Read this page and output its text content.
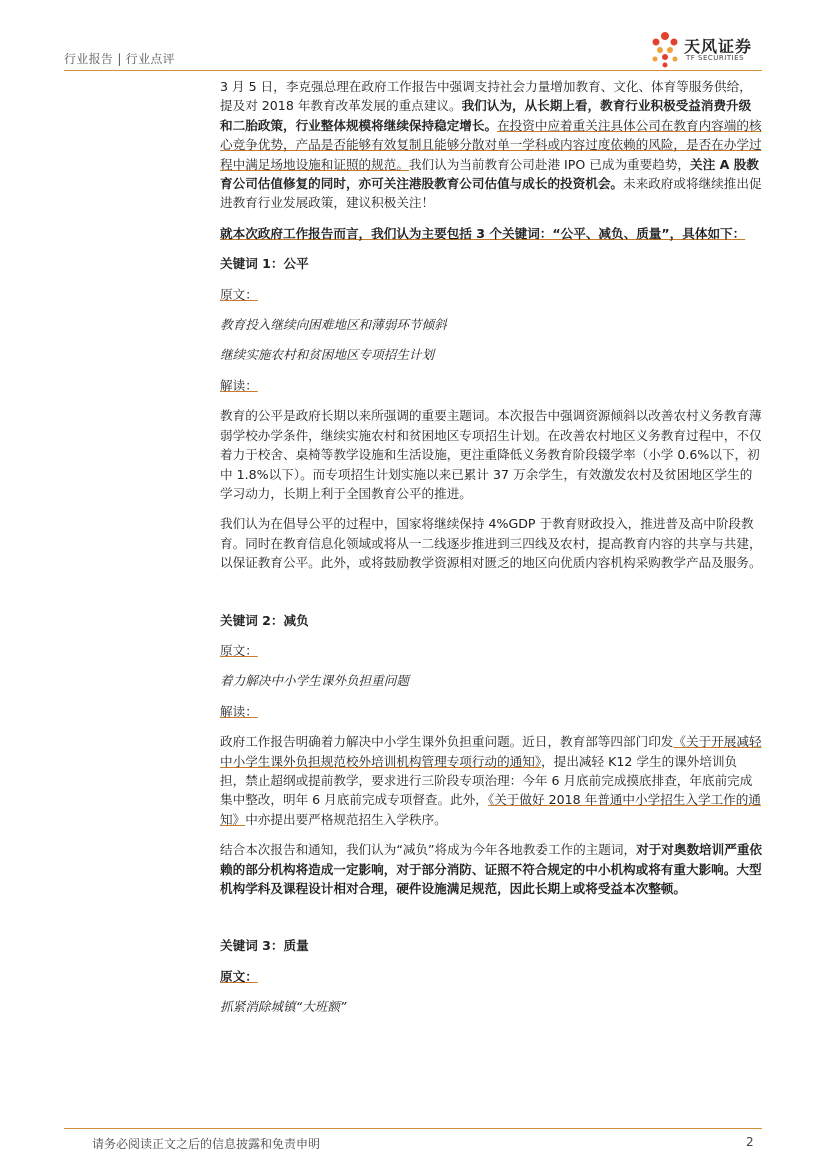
行业报告 | 行业点评
天风证券
TF SECURITIES

3 月 5 日，李克强总理在政府工作报告中强调支持社会力量增加教育、文化、体育等服务供给，提及对 2018 年教育改革发展的重点建议。我们认为，从长期上看，教育行业积极受益消费升级和二胎政策，行业整体规模将继续保持稳定增长。在投资中应着重关注具体公司在教育内容端的核心竞争优势，产品是否能够有效复制且能够分散对单一学科或内容过度依赖的风险，是否在办学过程中满足场地设施和证照的规范。我们认为当前教育公司赴港 IPO 已成为重要趋势，关注 A 股教育公司估值修复的同时，亦可关注港股教育公司估值与成长的投资机会。未来政府或将继续推出促进教育行业发展政策，建议积极关注！

就本次政府工作报告而言，我们认为主要包括 3 个关键词：“公平、减负、质量”，具体如下：

关键词 1：公平

原文：

教育投入继续向困难地区和薄弱环节倾斜

继续实施农村和贫困地区专项招生计划

解读：

教育的公平是政府长期以来所强调的重要主题词。本次报告中强调资源倾斜以改善农村义务教育薄弱学校办学条件，继续实施农村和贫困地区专项招生计划。在改善农村地区义务教育过程中，不仅着力于校舍、桌椅等教学设施和生活设施，更注重降低义务教育阶段辍学率（小学 0.6%以下，初中 1.8%以下）。而专项招生计划实施以来已累计 37 万余学生，有效激发农村及贫困地区学生的学习动力，长期上利于全国教育公平的推进。

我们认为在倡导公平的过程中，国家将继续保持 4%GDP 于教育财政投入，推进普及高中阶段教育。同时在教育信息化领域或将从一二线逐步推进到三四线及农村，提高教育内容的共享与共建，以保证教育公平。此外，或将鼓励教学资源相对匮乏的地区向优质内容机构采购教学产品及服务。

关键词 2：减负

原文：

着力解决中小学生课外负担重问题

解读：

政府工作报告明确着力解决中小学生课外负担重问题。近日，教育部等四部门印发《关于开展减轻中小学生课外负担规范校外培训机构管理专项行动的通知》，提出减轻 K12 学生的课外培训负担，禁止超纲或提前教学，要求进行三阶段专项治理：今年 6 月底前完成摸底排查，年底前完成集中整改，明年 6 月底前完成专项督查。此外，《关于做好 2018 年普通中小学招生入学工作的通知》中亦提出要严格规范招生入学秩序。

结合本次报告和通知，我们认为“减负”将成为今年各地教委工作的主题词，对于对奥数培训严重依赖的部分机构将造成一定影响，对于部分消防、证照不符合规定的中小机构或将有重大影响。大型机构学科及课程设计相对合理，硬件设施满足规范，因此长期上或将受益本次整顿。

关键词 3：质量

原文：

抓紧消除城镇“大班额”

请务必阅读正文之后的信息披露和免责申明	2
